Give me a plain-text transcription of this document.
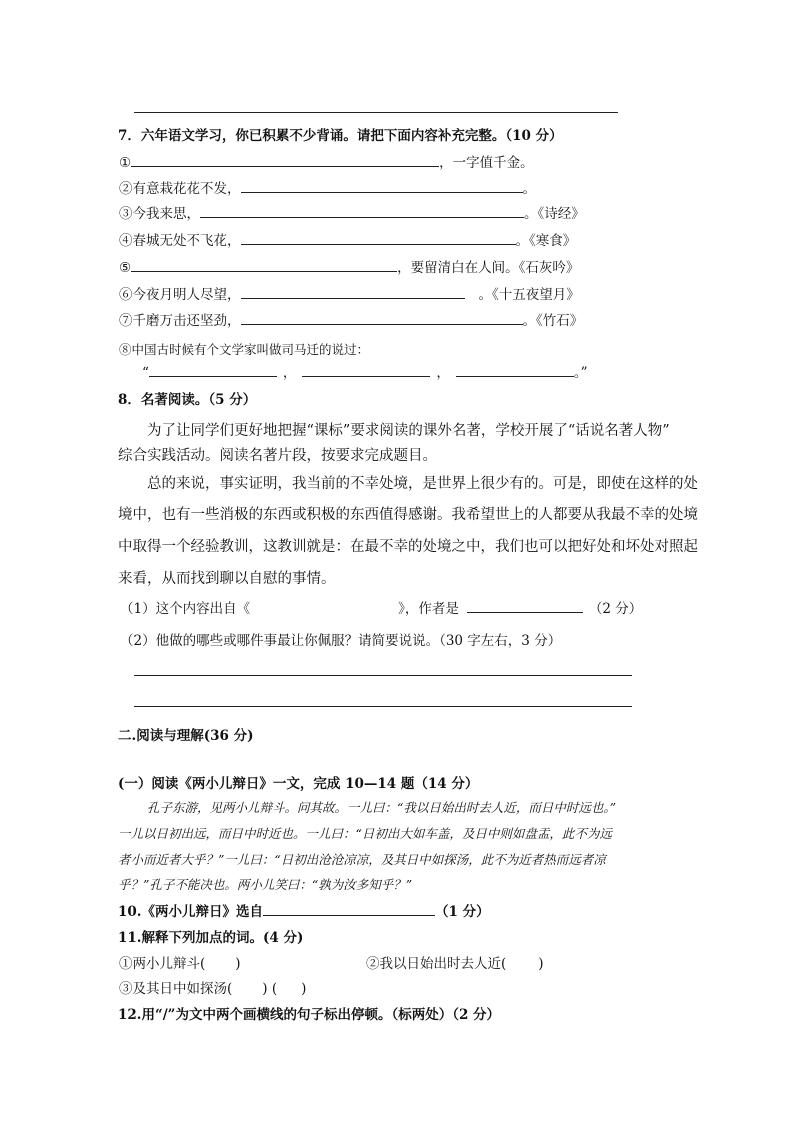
7．六年语文学习，你已积累不少背诵。请把下面内容补充完整。（10 分）
①	，一字值千金。
②有意栽花花不发，	。
③今我来思，	。《诗经》
④春城无处不飞花，	。《寒食》
⑤	，要留清白在人间。《石灰吟》
⑥今夜月明人尽望，	。《十五夜望月》
⑦千磨万击还坚劲，	。《竹石》
⑧中国古时候有个文学家叫做司马迁的说过：
“	，	，	。”
8．名著阅读。（5 分）
为了让同学们更好地把握“课标”要求阅读的课外名著，学校开展了“话说名著人物”
综合实践活动。阅读名著片段，按要求完成题目。
总的来说，事实证明，我当前的不幸处境，是世界上很少有的。可是，即使在这样的处
境中，也有一些消极的东西或积极的东西值得感谢。我希望世上的人都要从我最不幸的处境
中取得一个经验教训，这教训就是：在最不幸的处境之中，我们也可以把好处和坏处对照起
来看，从而找到聊以自慰的事情。
（1）这个内容出自《	》，作者是	（2 分）
（2）他做的哪些或哪件事最让你佩服？请简要说说。（30 字左右，3 分）
二.阅读与理解(36 分)
(一）阅读《两小儿辩日》一文，完成 10—14 题（14 分）
孔子东游，见两小儿辩斗。问其故。一儿曰：“我以日始出时去人近，而日中时远也。”
一儿以日初出远，而日中时近也。一儿曰：“日初出大如车盖，及日中则如盘盂，此不为远
者小而近者大乎？”一儿曰：“日初出沧沧凉凉，及其日中如探汤，此不为近者热而远者凉
乎？”孔子不能决也。两小儿笑曰：“孰为汝多知乎？”
10.《两小儿辩日》选自	（1 分）
11.解释下列加点的词。(4 分)
①两小儿辩斗( )	②我以日始出时去人近( )
③及其日中如探汤( ) ( )
12.用“/”为文中两个画横线的句子标出停顿。（标两处）（2 分）
